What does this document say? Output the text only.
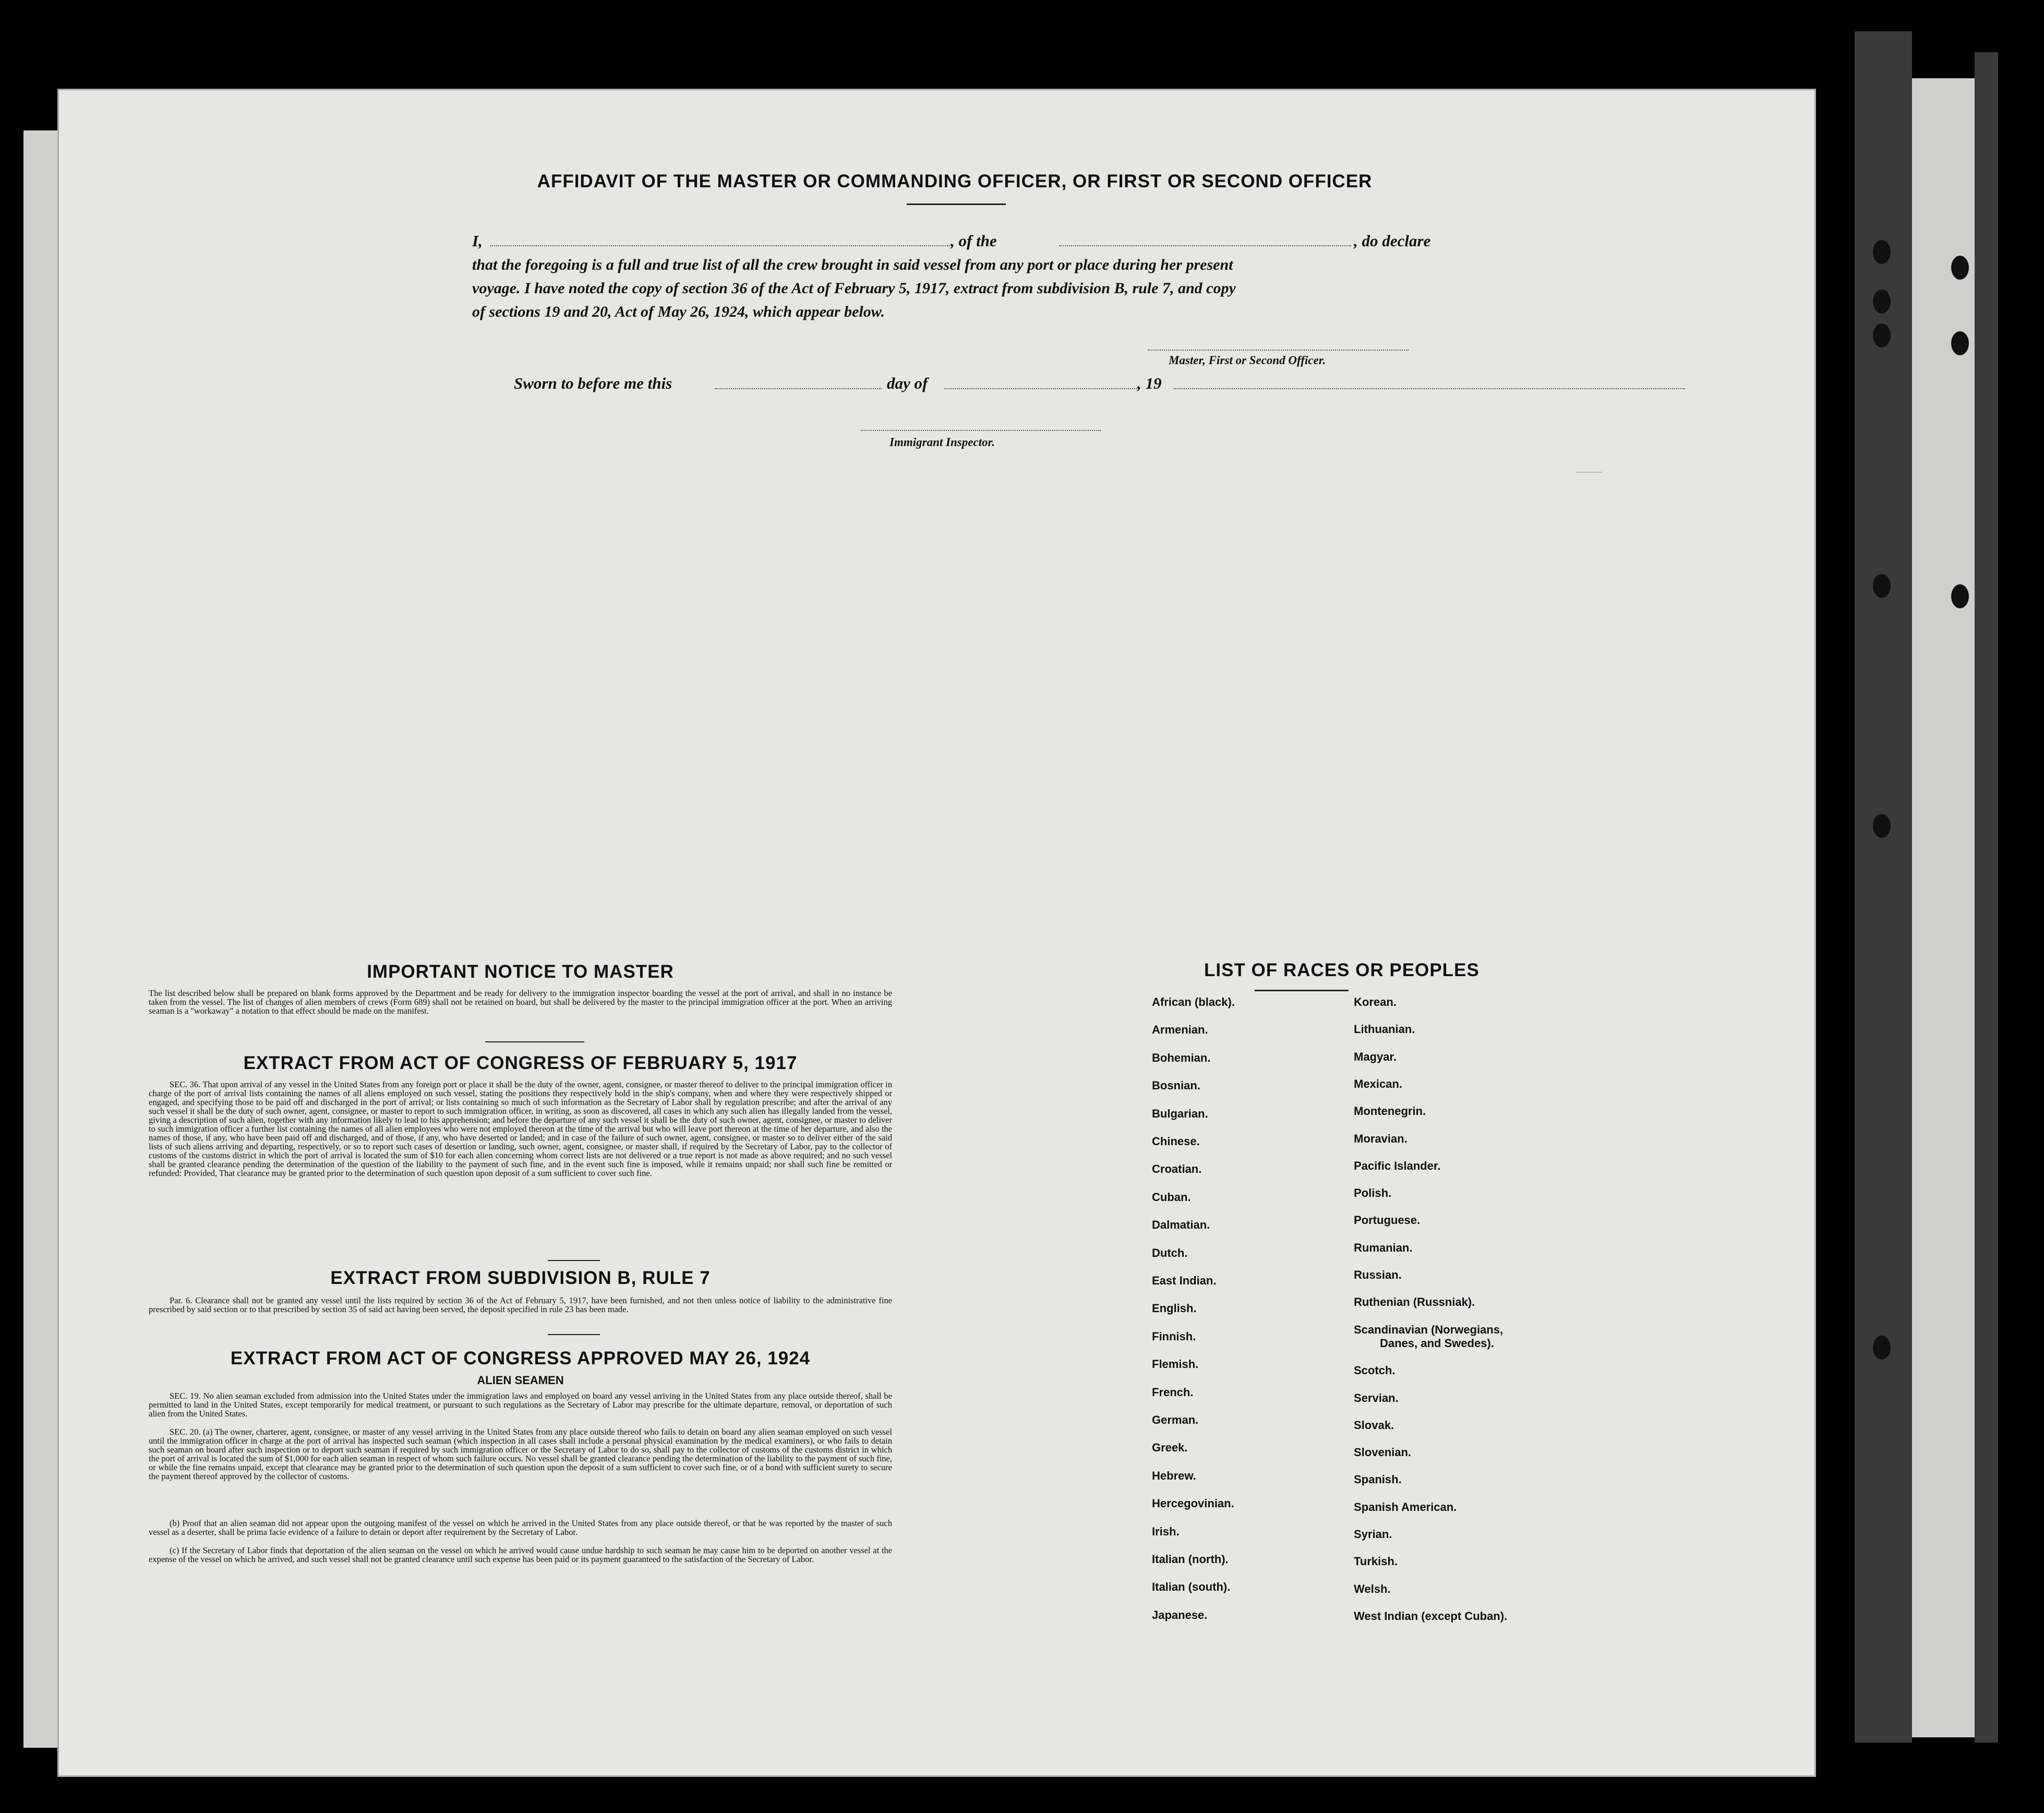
———
AFFIDAVIT OF THE MASTER OR COMMANDING OFFICER, OR FIRST OR SECOND OFFICER
I,	, of the	, do declare
that the foregoing is a full and true list of all the crew brought in said vessel from any port or place during her present
voyage. I have noted the copy of section 36 of the Act of February 5, 1917, extract from subdivision B, rule 7, and copy
of sections 19 and 20, Act of May 26, 1924, which appear below.
Master, First or Second Officer.
Sworn to before me this	day of	, 19
Immigrant Inspector.
IMPORTANT NOTICE TO MASTER
The list described below shall be prepared on blank forms approved by the Department and be ready for delivery to the immigration inspector boarding the vessel at the port of arrival, and shall in no instance be taken from the vessel. The list of changes of alien members of crews (Form 689) shall not be retained on board, but shall be delivered by the master to the principal immigration officer at the port. When an arriving seaman is a "workaway" a notation to that effect should be made on the manifest.
EXTRACT FROM ACT OF CONGRESS OF FEBRUARY 5, 1917
SEC. 36. That upon arrival of any vessel in the United States from any foreign port or place it shall be the duty of the owner, agent, consignee, or master thereof to deliver to the principal immigration officer in charge of the port of arrival lists containing the names of all aliens employed on such vessel, stating the positions they respectively hold in the ship's company, when and where they were respectively shipped or engaged, and specifying those to be paid off and discharged in the port of arrival; or lists containing so much of such information as the Secretary of Labor shall by regulation prescribe; and after the arrival of any such vessel it shall be the duty of such owner, agent, consignee, or master to report to such immigration officer, in writing, as soon as discovered, all cases in which any such alien has illegally landed from the vessel, giving a description of such alien, together with any information likely to lead to his apprehension; and before the departure of any such vessel it shall be the duty of such owner, agent, consignee, or master to deliver to such immigration officer a further list containing the names of all alien employees who were not employed thereon at the time of the arrival but who will leave port thereon at the time of her departure, and also the names of those, if any, who have been paid off and discharged, and of those, if any, who have deserted or landed; and in case of the failure of such owner, agent, consignee, or master so to deliver either of the said lists of such aliens arriving and departing, respectively, or so to report such cases of desertion or landing, such owner, agent, consignee, or master shall, if required by the Secretary of Labor, pay to the collector of customs of the customs district in which the port of arrival is located the sum of $10 for each alien concerning whom correct lists are not delivered or a true report is not made as above required; and no such vessel shall be granted clearance pending the determination of the question of the liability to the payment of such fine, and in the event such fine is imposed, while it remains unpaid; nor shall such fine be remitted or refunded: Provided, That clearance may be granted prior to the determination of such question upon deposit of a sum sufficient to cover such fine.
EXTRACT FROM SUBDIVISION B, RULE 7
Par. 6. Clearance shall not be granted any vessel until the lists required by section 36 of the Act of February 5, 1917, have been furnished, and not then unless notice of liability to the administrative fine prescribed by said section or to that prescribed by section 35 of said act having been served, the deposit specified in rule 23 has been made.
EXTRACT FROM ACT OF CONGRESS APPROVED MAY 26, 1924
ALIEN SEAMEN
SEC. 19. No alien seaman excluded from admission into the United States under the immigration laws and employed on board any vessel arriving in the United States from any place outside thereof, shall be permitted to land in the United States, except temporarily for medical treatment, or pursuant to such regulations as the Secretary of Labor may prescribe for the ultimate departure, removal, or deportation of such alien from the United States.
SEC. 20. (a) The owner, charterer, agent, consignee, or master of any vessel arriving in the United States from any place outside thereof who fails to detain on board any alien seaman employed on such vessel until the immigration officer in charge at the port of arrival has inspected such seaman (which inspection in all cases shall include a personal physical examination by the medical examiners), or who fails to detain such seaman on board after such inspection or to deport such seaman if required by such immigration officer or the Secretary of Labor to do so, shall pay to the collector of customs of the customs district in which the port of arrival is located the sum of $1,000 for each alien seaman in respect of whom such failure occurs. No vessel shall be granted clearance pending the determination of the liability to the payment of such fine, or while the fine remains unpaid, except that clearance may be granted prior to the determination of such question upon the deposit of a sum sufficient to cover such fine, or of a bond with sufficient surety to secure the payment thereof approved by the collector of customs.
(b) Proof that an alien seaman did not appear upon the outgoing manifest of the vessel on which he arrived in the United States from any place outside thereof, or that he was reported by the master of such vessel as a deserter, shall be prima facie evidence of a failure to detain or deport after requirement by the Secretary of Labor.
(c) If the Secretary of Labor finds that deportation of the alien seaman on the vessel on which he arrived would cause undue hardship to such seaman he may cause him to be deported on another vessel at the expense of the vessel on which he arrived, and such vessel shall not be granted clearance until such expense has been paid or its payment guaranteed to the satisfaction of the Secretary of Labor.
LIST OF RACES OR PEOPLES
African (black).
Armenian.
Bohemian.
Bosnian.
Bulgarian.
Chinese.
Croatian.
Cuban.
Dalmatian.
Dutch.
East Indian.
English.
Finnish.
Flemish.
French.
German.
Greek.
Hebrew.
Hercegovinian.
Irish.
Italian (north).
Italian (south).
Japanese.
Korean.
Lithuanian.
Magyar.
Mexican.
Montenegrin.
Moravian.
Pacific Islander.
Polish.
Portuguese.
Rumanian.
Russian.
Ruthenian (Russniak).
Scandinavian (Norwegians,
Danes, and Swedes).
Scotch.
Servian.
Slovak.
Slovenian.
Spanish.
Spanish American.
Syrian.
Turkish.
Welsh.
West Indian (except Cuban).
